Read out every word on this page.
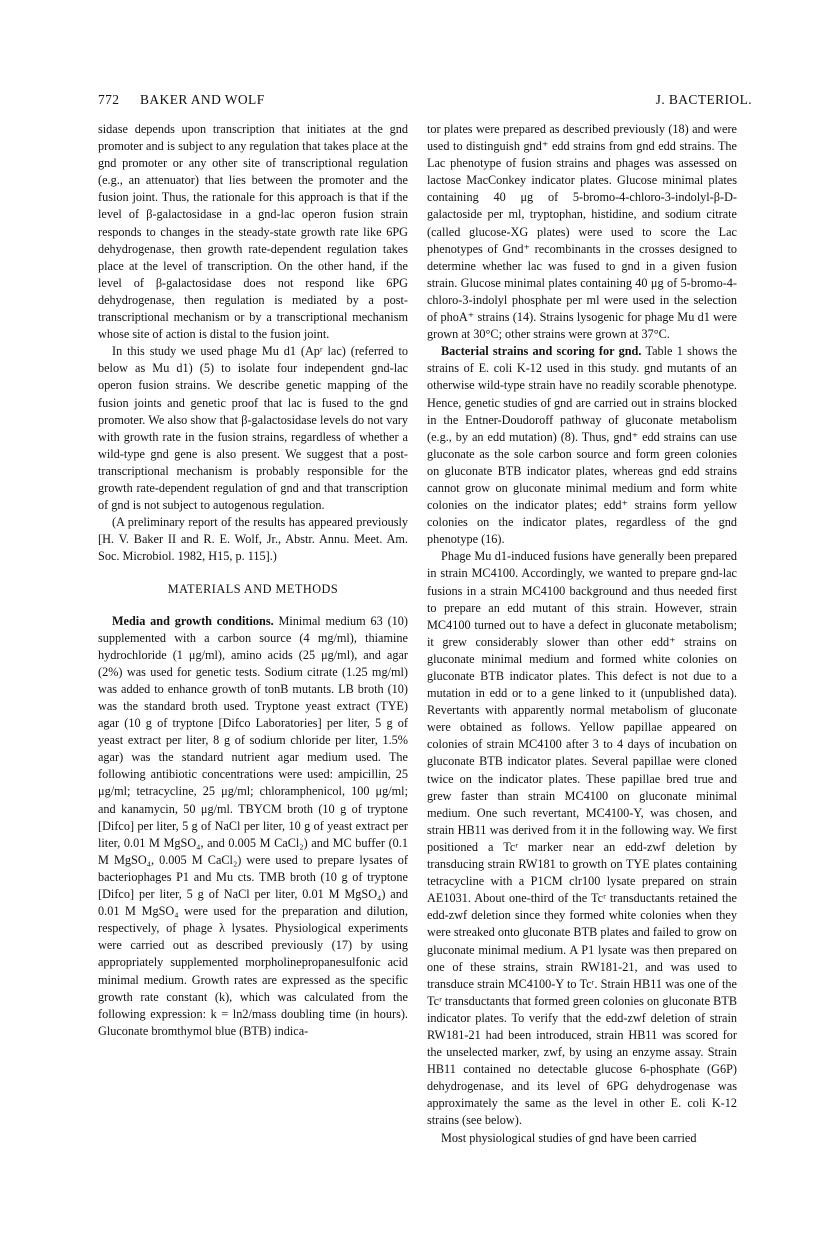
772 BAKER AND WOLF	J. BACTERIOL.

sidase depends upon transcription that initiates at the gnd promoter and is subject to any regulation that takes place at the gnd promoter or any other site of transcriptional regulation (e.g., an attenuator) that lies between the promoter and the fusion joint. Thus, the rationale for this approach is that if the level of β-galactosidase in a gnd-lac operon fusion strain responds to changes in the steady-state growth rate like 6PG dehydrogenase, then growth rate-dependent regulation takes place at the level of transcription. On the other hand, if the level of β-galactosidase does not respond like 6PG dehydrogenase, then regulation is mediated by a post-transcriptional mechanism or by a transcriptional mechanism whose site of action is distal to the fusion joint.

In this study we used phage Mu d1 (Apʳ lac) (referred to below as Mu d1) (5) to isolate four independent gnd-lac operon fusion strains. We describe genetic mapping of the fusion joints and genetic proof that lac is fused to the gnd promoter. We also show that β-galactosidase levels do not vary with growth rate in the fusion strains, regardless of whether a wild-type gnd gene is also present. We suggest that a post-transcriptional mechanism is probably responsible for the growth rate-dependent regulation of gnd and that transcription of gnd is not subject to autogenous regulation.

(A preliminary report of the results has appeared previously [H. V. Baker II and R. E. Wolf, Jr., Abstr. Annu. Meet. Am. Soc. Microbiol. 1982, H15, p. 115].)

MATERIALS AND METHODS

Media and growth conditions. Minimal medium 63 (10) supplemented with a carbon source (4 mg/ml), thiamine hydrochloride (1 μg/ml), amino acids (25 μg/ml), and agar (2%) was used for genetic tests. Sodium citrate (1.25 mg/ml) was added to enhance growth of tonB mutants. LB broth (10) was the standard broth used. Tryptone yeast extract (TYE) agar (10 g of tryptone [Difco Laboratories] per liter, 5 g of yeast extract per liter, 8 g of sodium chloride per liter, 1.5% agar) was the standard nutrient agar medium used. The following antibiotic concentrations were used: ampicillin, 25 μg/ml; tetracycline, 25 μg/ml; chloramphenicol, 100 μg/ml; and kanamycin, 50 μg/ml. TBYCM broth (10 g of tryptone [Difco] per liter, 5 g of NaCl per liter, 10 g of yeast extract per liter, 0.01 M MgSO₄, and 0.005 M CaCl₂) and MC buffer (0.1 M MgSO₄, 0.005 M CaCl₂) were used to prepare lysates of bacteriophages P1 and Mu cts. TMB broth (10 g of tryptone [Difco] per liter, 5 g of NaCl per liter, 0.01 M MgSO₄) and 0.01 M MgSO₄ were used for the preparation and dilution, respectively, of phage λ lysates. Physiological experiments were carried out as described previously (17) by using appropriately supplemented morpholinepropanesulfonic acid minimal medium. Growth rates are expressed as the specific growth rate constant (k), which was calculated from the following expression: k = ln2/mass doubling time (in hours). Gluconate bromthymol blue (BTB) indica-

tor plates were prepared as described previously (18) and were used to distinguish gnd⁺ edd strains from gnd edd strains. The Lac phenotype of fusion strains and phages was assessed on lactose MacConkey indicator plates. Glucose minimal plates containing 40 μg of 5-bromo-4-chloro-3-indolyl-β-D-galactoside per ml, tryptophan, histidine, and sodium citrate (called glucose-XG plates) were used to score the Lac phenotypes of Gnd⁺ recombinants in the crosses designed to determine whether lac was fused to gnd in a given fusion strain. Glucose minimal plates containing 40 μg of 5-bromo-4-chloro-3-indolyl phosphate per ml were used in the selection of phoA⁺ strains (14). Strains lysogenic for phage Mu d1 were grown at 30°C; other strains were grown at 37°C.

Bacterial strains and scoring for gnd. Table 1 shows the strains of E. coli K-12 used in this study. gnd mutants of an otherwise wild-type strain have no readily scorable phenotype. Hence, genetic studies of gnd are carried out in strains blocked in the Entner-Doudoroff pathway of gluconate metabolism (e.g., by an edd mutation) (8). Thus, gnd⁺ edd strains can use gluconate as the sole carbon source and form green colonies on gluconate BTB indicator plates, whereas gnd edd strains cannot grow on gluconate minimal medium and form white colonies on the indicator plates; edd⁺ strains form yellow colonies on the indicator plates, regardless of the gnd phenotype (16).

Phage Mu d1-induced fusions have generally been prepared in strain MC4100. Accordingly, we wanted to prepare gnd-lac fusions in a strain MC4100 background and thus needed first to prepare an edd mutant of this strain. However, strain MC4100 turned out to have a defect in gluconate metabolism; it grew considerably slower than other edd⁺ strains on gluconate minimal medium and formed white colonies on gluconate BTB indicator plates. This defect is not due to a mutation in edd or to a gene linked to it (unpublished data). Revertants with apparently normal metabolism of gluconate were obtained as follows. Yellow papillae appeared on colonies of strain MC4100 after 3 to 4 days of incubation on gluconate BTB indicator plates. Several papillae were cloned twice on the indicator plates. These papillae bred true and grew faster than strain MC4100 on gluconate minimal medium. One such revertant, MC4100-Y, was chosen, and strain HB11 was derived from it in the following way. We first positioned a Tcʳ marker near an edd-zwf deletion by transducing strain RW181 to growth on TYE plates containing tetracycline with a P1CM clr100 lysate prepared on strain AE1031. About one-third of the Tcʳ transductants retained the edd-zwf deletion since they formed white colonies when they were streaked onto gluconate BTB plates and failed to grow on gluconate minimal medium. A P1 lysate was then prepared on one of these strains, strain RW181-21, and was used to transduce strain MC4100-Y to Tcʳ. Strain HB11 was one of the Tcʳ transductants that formed green colonies on gluconate BTB indicator plates. To verify that the edd-zwf deletion of strain RW181-21 had been introduced, strain HB11 was scored for the unselected marker, zwf, by using an enzyme assay. Strain HB11 contained no detectable glucose 6-phosphate (G6P) dehydrogenase, and its level of 6PG dehydrogenase was approximately the same as the level in other E. coli K-12 strains (see below).

Most physiological studies of gnd have been carried
